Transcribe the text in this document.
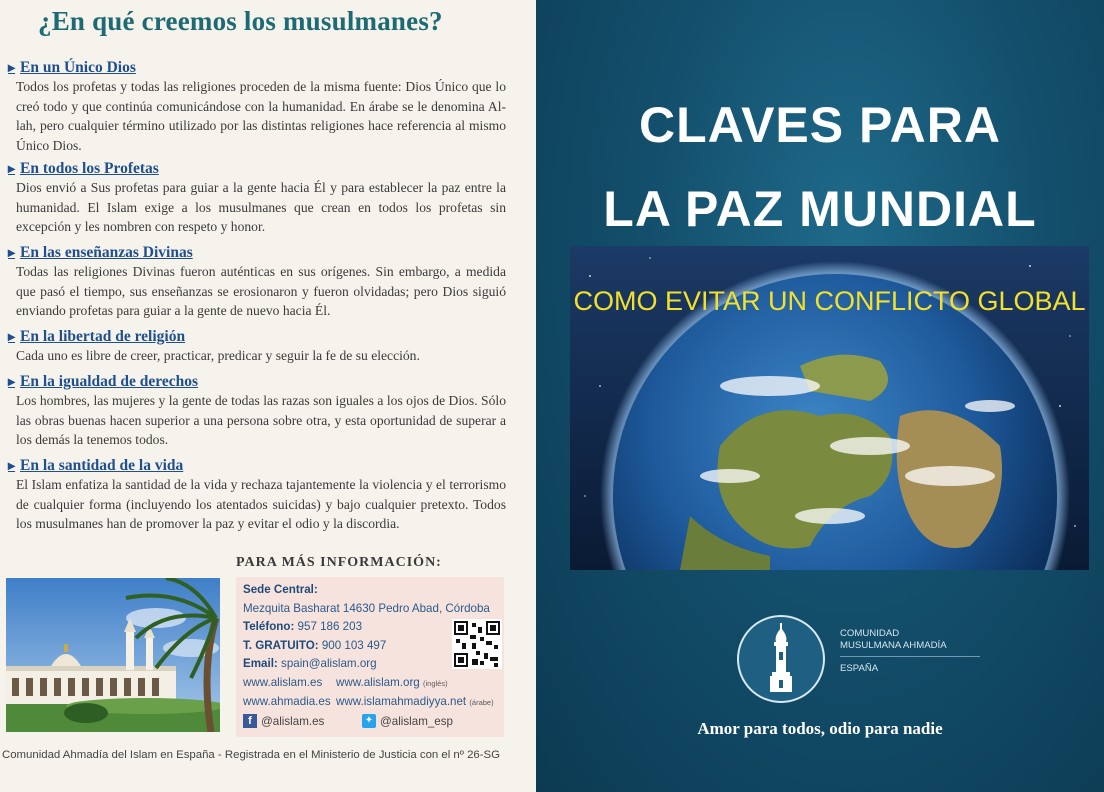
¿En qué creemos los musulmanes?
▸ En un Único Dios
Todos los profetas y todas las religiones proceden de la misma fuente: Dios Único que lo creó todo y que continúa comunicándose con la humanidad. En árabe se le denomina Al-lah, pero cualquier término utilizado por las distintas religiones hace referencia al mismo Único Dios.
▸ En todos los Profetas
Dios envió a Sus profetas para guiar a la gente hacia Él y para establecer la paz entre la humanidad. El Islam exige a los musulmanes que crean en todos los profetas sin excepción y les nombren con respeto y honor.
▸ En las enseñanzas Divinas
Todas las religiones Divinas fueron auténticas en sus orígenes. Sin embargo, a medida que pasó el tiempo, sus enseñanzas se erosionaron y fueron olvidadas; pero Dios siguió enviando profetas para guiar a la gente de nuevo hacia Él.
▸ En la libertad de religión
Cada uno es libre de creer, practicar, predicar y seguir la fe de su elección.
▸ En la igualdad de derechos
Los hombres, las mujeres y la gente de todas las razas son iguales a los ojos de Dios. Sólo las obras buenas hacen superior a una persona sobre otra, y esta oportunidad de superar a los demás la tenemos todos.
▸ En la santidad de la vida
El Islam enfatiza la santidad de la vida y rechaza tajantemente la violencia y el terrorismo de cualquier forma (incluyendo los atentados suicidas) y bajo cualquier pretexto. Todos los musulmanes han de promover la paz y evitar el odio y la discordia.
PARA MÁS INFORMACIÓN:
Sede Central:
Mezquita Basharat 14630 Pedro Abad, Córdoba
Teléfono: 957 186 203
T. GRATUITO: 900 103 497
Email: spain@alislam.org
www.alislam.es www.alislam.org (inglés)
www.ahmadia.es www.islamahmadiyya.net (árabe)
f @alislam.es	✦ @alislam_esp
Comunidad Ahmadía del Islam en España - Registrada en el Ministerio de Justicia con el nº 26-SG
CLAVES PARA
LA PAZ MUNDIAL
COMO EVITAR UN CONFLICTO GLOBAL
COMUNIDAD
MUSULMANA AHMADÍA
ESPAÑA
Amor para todos, odio para nadie
